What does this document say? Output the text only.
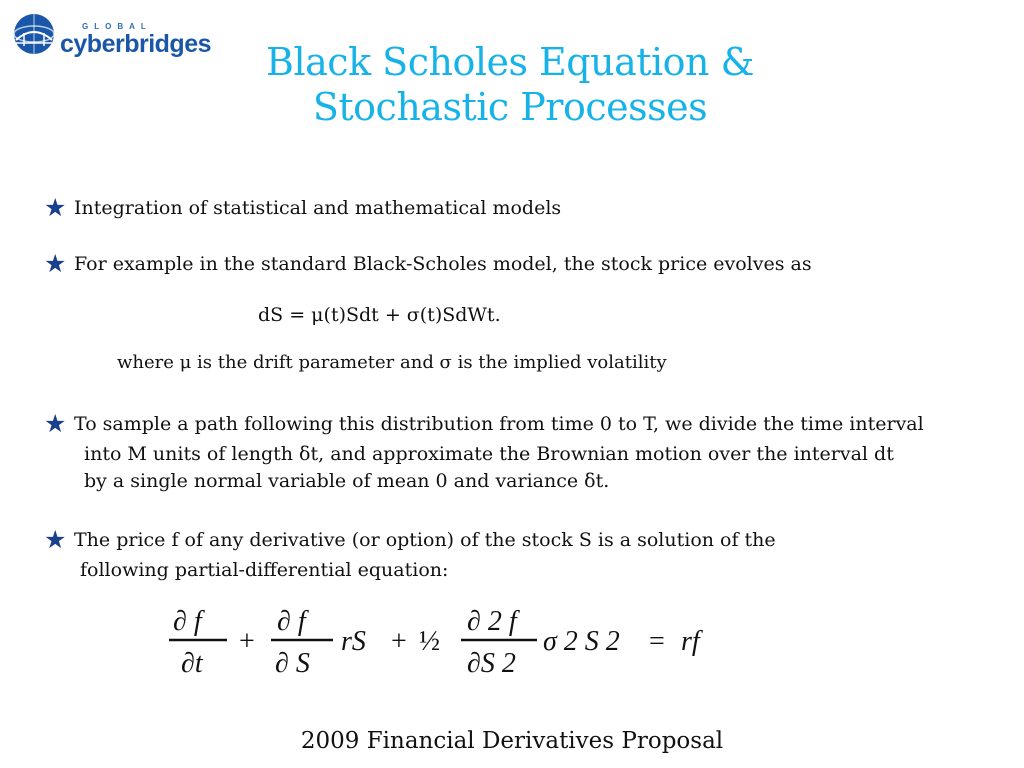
GLOBAL
cyberbridges	Black Scholes Equation &
Stochastic Processes
★ Integration of statistical and mathematical models
★ For example in the standard Black-Scholes model, the stock price evolves as
dS = μ(t)Sdt + σ(t)SdWt.
where μ is the drift parameter and σ is the implied volatility
★ To sample a path following this distribution from time 0 to T, we divide the time interval
into M units of length δt, and approximate the Brownian motion over the interval dt
by a single normal variable of mean 0 and variance δt.
★ The price f of any derivative (or option) of the stock S is a solution of the
following partial-differential equation:
∂ f
∂t
+
∂ f
∂ S
rS + ½
∂ 2 f
∂S 2
σ 2 S 2 = rf
2009 Financial Derivatives Proposal
